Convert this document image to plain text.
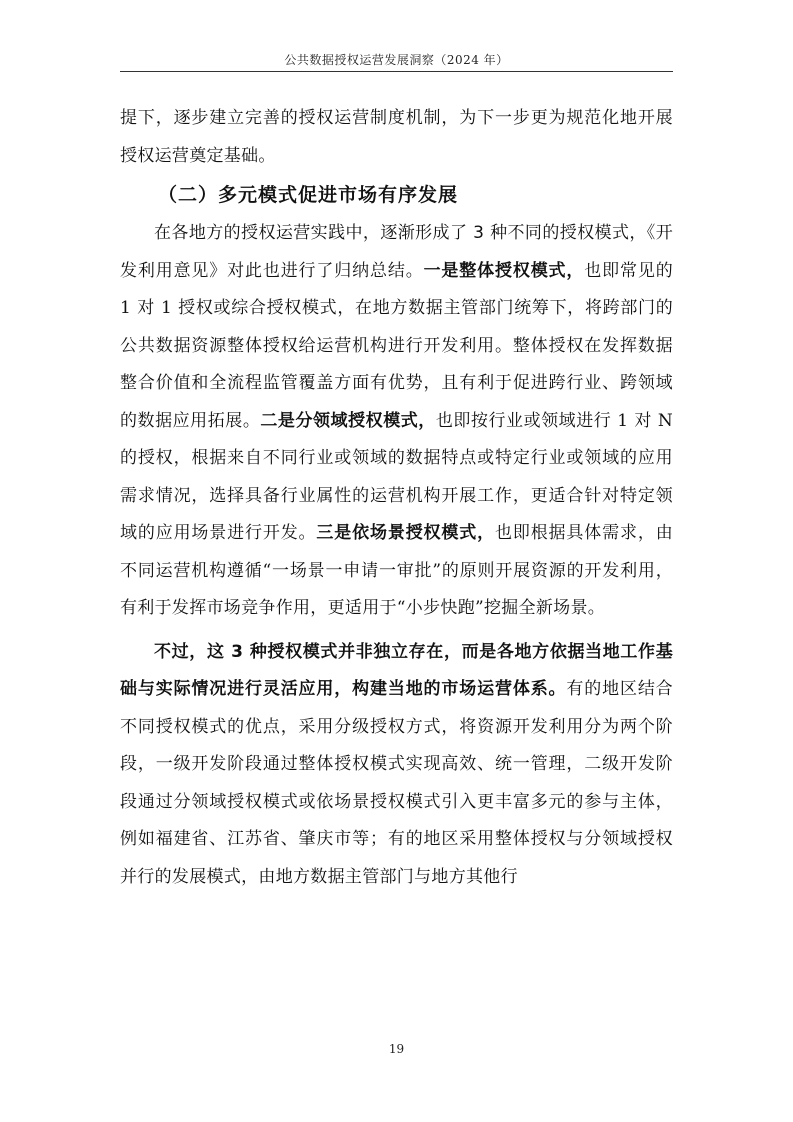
公共数据授权运营发展洞察（2024 年）

提下，逐步建立完善的授权运营制度机制，为下一步更为规范化地开展授权运营奠定基础。

（二）多元模式促进市场有序发展

在各地方的授权运营实践中，逐渐形成了 3 种不同的授权模式，《开发利用意见》对此也进行了归纳总结。一是整体授权模式，也即常见的 1 对 1 授权或综合授权模式，在地方数据主管部门统筹下，将跨部门的公共数据资源整体授权给运营机构进行开发利用。整体授权在发挥数据整合价值和全流程监管覆盖方面有优势，且有利于促进跨行业、跨领域的数据应用拓展。二是分领域授权模式，也即按行业或领域进行 1 对 N 的授权，根据来自不同行业或领域的数据特点或特定行业或领域的应用需求情况，选择具备行业属性的运营机构开展工作，更适合针对特定领域的应用场景进行开发。三是依场景授权模式，也即根据具体需求，由不同运营机构遵循“一场景一申请一审批”的原则开展资源的开发利用，有利于发挥市场竞争作用，更适用于“小步快跑”挖掘全新场景。

不过，这 3 种授权模式并非独立存在，而是各地方依据当地工作基础与实际情况进行灵活应用，构建当地的市场运营体系。有的地区结合不同授权模式的优点，采用分级授权方式，将资源开发利用分为两个阶段，一级开发阶段通过整体授权模式实现高效、统一管理，二级开发阶段通过分领域授权模式或依场景授权模式引入更丰富多元的参与主体，例如福建省、江苏省、肇庆市等；有的地区采用整体授权与分领域授权并行的发展模式，由地方数据主管部门与地方其他行

19
